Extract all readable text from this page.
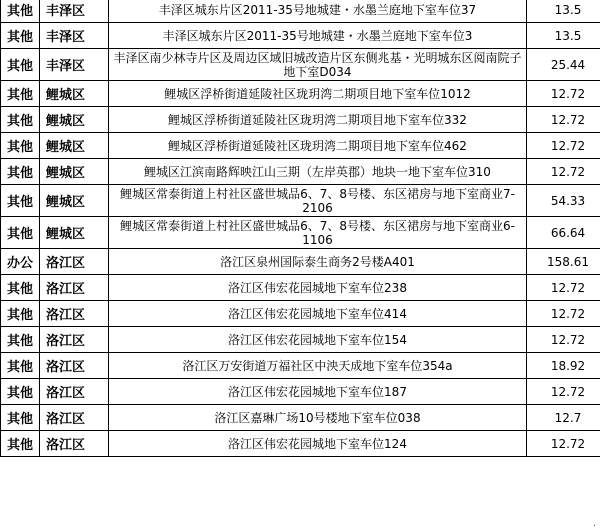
其他	丰泽区	丰泽区城东片区2011-35号地城建・水墨兰庭地下室车位37	13.5
其他	丰泽区	丰泽区城东片区2011-35号地城建・水墨兰庭地下室车位3	13.5
其他	丰泽区	丰泽区南少林寺片区及周边区域旧城改造片区东侧兆基・光明城东区阅南院子地下室D034	25.44
其他	鲤城区	鲤城区浮桥街道延陵社区珑玥湾二期项目地下室车位1012	12.72
其他	鲤城区	鲤城区浮桥街道延陵社区珑玥湾二期项目地下室车位332	12.72
其他	鲤城区	鲤城区浮桥街道延陵社区珑玥湾二期项目地下室车位462	12.72
其他	鲤城区	鲤城区江滨南路辉映江山三期（左岸英郡）地块一地下室车位310	12.72
其他	鲤城区	鲤城区常泰街道上村社区盛世城品6、7、8号楼、东区裙房与地下室商业7-2106	54.33
其他	鲤城区	鲤城区常泰街道上村社区盛世城品6、7、8号楼、东区裙房与地下室商业6-1106	66.64
办公	洛江区	洛江区泉州国际泰生商务2号楼A401	158.61
其他	洛江区	洛江区伟宏花园城地下室车位238	12.72
其他	洛江区	洛江区伟宏花园城地下室车位414	12.72
其他	洛江区	洛江区伟宏花园城地下室车位154	12.72
其他	洛江区	洛江区万安街道万福社区中泱天成地下室车位354a	18.92
其他	洛江区	洛江区伟宏花园城地下室车位187	12.72
其他	洛江区	洛江区嘉琳广场10号楼地下室车位038	12.7
其他	洛江区	洛江区伟宏花园城地下室车位124	12.72
.
